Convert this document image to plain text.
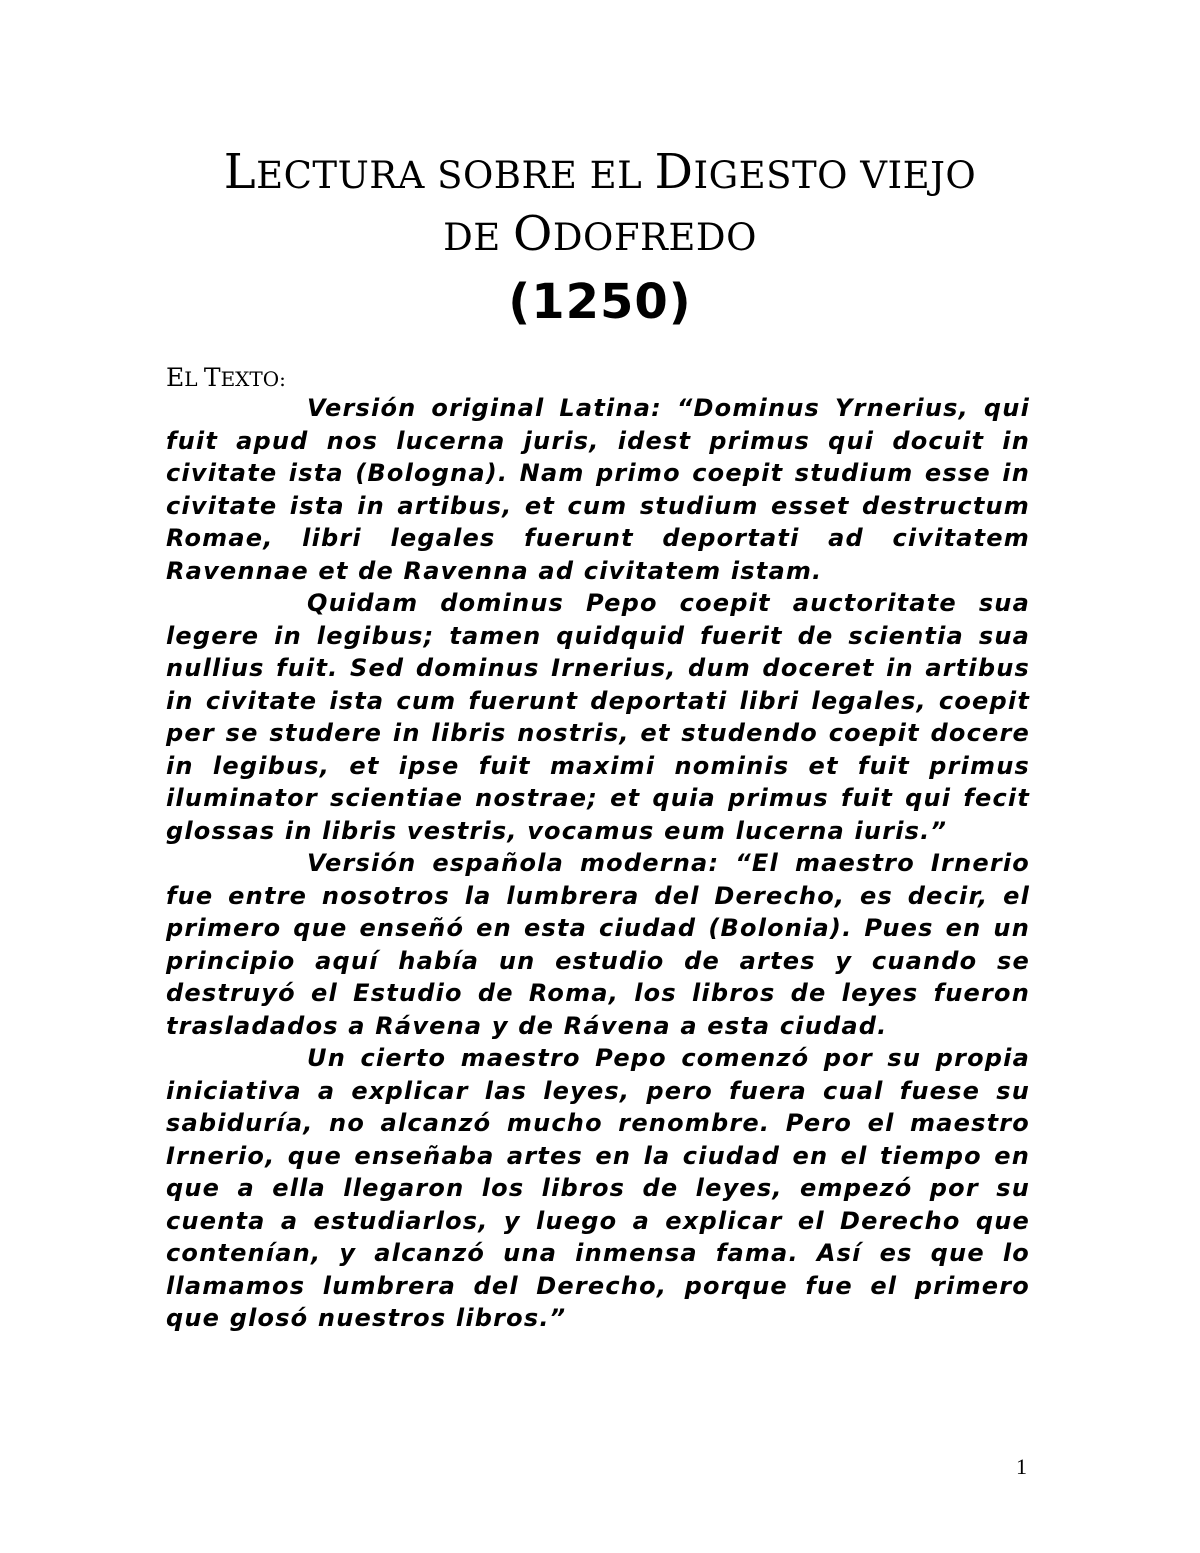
LECTURA SOBRE EL DIGESTO VIEJO
DE ODOFREDO
(1250)
EL TEXTO:

Versión original Latina: “Dominus Yrnerius, qui fuit apud nos lucerna juris, idest primus qui docuit in civitate ista (Bologna). Nam primo coepit studium esse in civitate ista in artibus, et cum studium esset destructum Romae, libri legales fuerunt deportati ad civitatem Ravennae et de Ravenna ad civitatem istam.

Quidam dominus Pepo coepit auctoritate sua legere in legibus; tamen quidquid fuerit de scientia sua nullius fuit. Sed dominus Irnerius, dum doceret in artibus in civitate ista cum fuerunt deportati libri legales, coepit per se studere in libris nostris, et studendo coepit docere in legibus, et ipse fuit maximi nominis et fuit primus iluminator scientiae nostrae; et quia primus fuit qui fecit glossas in libris vestris, vocamus eum lucerna iuris.”

Versión española moderna: “El maestro Irnerio fue entre nosotros la lumbrera del Derecho, es decir, el primero que enseñó en esta ciudad (Bolonia). Pues en un principio aquí había un estudio de artes y cuando se destruyó el Estudio de Roma, los libros de leyes fueron trasladados a Rávena y de Rávena a esta ciudad.

Un cierto maestro Pepo comenzó por su propia iniciativa a explicar las leyes, pero fuera cual fuese su sabiduría, no alcanzó mucho renombre. Pero el maestro Irnerio, que enseñaba artes en la ciudad en el tiempo en que a ella llegaron los libros de leyes, empezó por su cuenta a estudiarlos, y luego a explicar el Derecho que contenían, y alcanzó una inmensa fama. Así es que lo llamamos lumbrera del Derecho, porque fue el primero que glosó nuestros libros.”

1
